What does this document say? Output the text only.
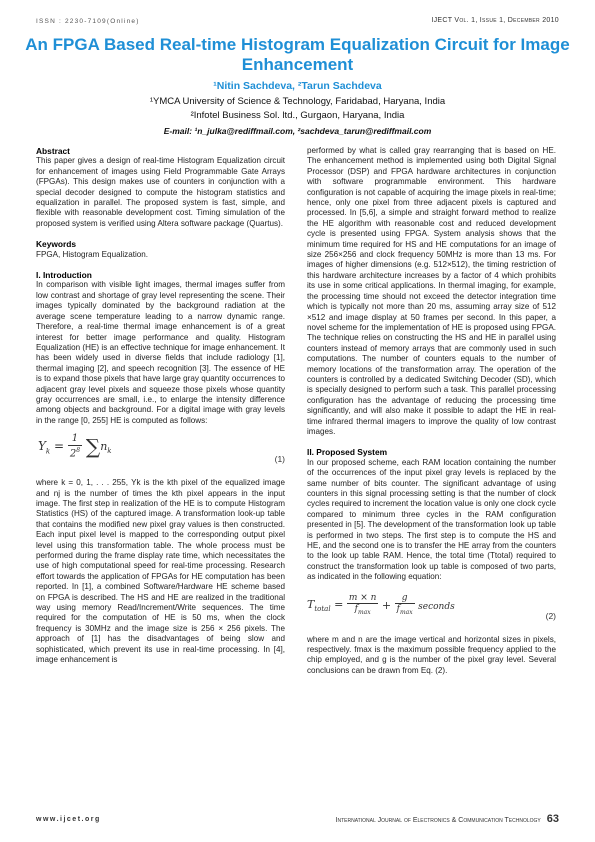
ISSN : 2230-7109(Online)	IJECT Vol. 1, Issue 1, December 2010
An FPGA Based Real-time Histogram Equalization Circuit for Image Enhancement
¹Nitin Sachdeva, ²Tarun Sachdeva
¹YMCA University of Science & Technology, Faridabad, Haryana, India
²Infotel Business Sol. ltd., Gurgaon, Haryana, India
E-mail: ¹n_julka@rediffmail.com, ²sachdeva_tarun@rediffmail.com

Abstract

This paper gives a design of real-time Histogram Equalization circuit for enhancement of images using Field Programmable Gate Arrays (FPGAs). This design makes use of counters in conjunction with a special decoder designed to compute the histogram statistics and equalization in parallel. The proposed system is fast, simple, and flexible with reasonable development cost. Timing simulation of the proposed system is verified using Altera software package (Quartus).

Keywords

FPGA, Histogram Equalization.

I. Introduction

In comparison with visible light images, thermal images suffer from low contrast and shortage of gray level representing the scene. Their images typically dominated by the background radiation at the average scene temperature leading to a narrow dynamic range. Therefore, a real-time thermal image enhancement is of a great interest for better image performance and quality. Histogram Equalization (HE) is an effective technique for image enhancement. It has been widely used in diverse fields that include radiology [1], thermal imaging [2], and speech recognition [3]. The essence of HE is to expand those pixels that have large gray quantity occurrences to adjacent gray level pixels and squeeze those pixels whose quantity gray occurrences are small, i.e., to enlarge the intensity difference among objects and background. For a digital image with gray levels in the range [0, 255] HE is computed as follows:

$Y_k = \frac{1}{2^8} \sum n_k$
(1)

where k = 0, 1, . . . 255, Yk is the kth pixel of the equalized image and nj is the number of times the kth pixel appears in the input image. The first step in realization of the HE is to compute Histogram Statistics (HS) of the captured image. A transformation look-up table that contains the modified new pixel gray values is then constructed. Each input pixel level is mapped to the corresponding output pixel level using this transformation table. The whole process must be performed during the frame display rate time, which necessitates the use of high computational speed for real-time processing. Research effort towards the application of FPGAs for HE computation has been reported. In [1], a combined Software/Hardware HE scheme based on FPGA is described. The HS and HE are realized in the traditional way using memory Read/Increment/Write sequences. The time required for the computation of HE is 50 ms, when the clock frequency is 30MHz and the image size is 256 × 256 pixels. The approach of [1] has the disadvantages of being slow and sophisticated, which prevent its use in real-time processing. In [4], image enhancement is

performed by what is called gray rearranging that is based on HE. The enhancement method is implemented using both Digital Signal Processor (DSP) and FPGA hardware architectures in conjunction with software programmable environment. This hardware configuration is not capable of acquiring the image pixels in real-time; hence, only one pixel from three adjacent pixels is captured and processed. In [5,6], a simple and straight forward method to realize the HE algorithm with reasonable cost and reduced development cycle is presented using FPGA. System analysis shows that the minimum time required for HS and HE computations for an image of size 256×256 and clock frequency 50MHz is more than 13 ms. For images of higher dimensions (e.g. 512×512), the timing restriction of this hardware architecture increases by a factor of 4 which prohibits its use in some critical applications. In thermal imaging, for example, the processing time should not exceed the detector integration time which is typically not more than 20 ms, assuming array size of 512 ×512 and image display at 50 frames per second. In this paper, a novel scheme for the implementation of HE is proposed using FPGA. The technique relies on constructing the HS and HE in parallel using counters instead of memory arrays that are commonly used in such computations. The number of counters equals to the number of memory locations of the transformation array. The operation of the counters is controlled by a dedicated Switching Decoder (SD), which is specially designed to perform such a task. This parallel processing configuration has the advantage of reducing the processing time significantly, and will also make it possible to adapt the HE in real-time infrared thermal imagers to improve the quality of low contrast images.

II. Proposed System

In our proposed scheme, each RAM location containing the number of the occurrences of the input pixel gray levels is replaced by the same number of bits counter. The significant advantage of using counters in this signal processing setting is that the number of clock cycles required to increment the location value is only one clock cycle compared to minimum three cycles in the RAM configuration presented in [5]. The development of the transformation look up table is performed in two steps. The first step is to compute the HS and HE, and the second one is to transfer the HE array from the counters to the look up table RAM. Hence, the total time (Ttotal) required to construct the transformation look up table is composed of two parts, as indicated in the following equation:

$T_{total} = \frac{m \times n}{f_{max}} + \frac{g}{f_{max}}$ seconds
(2)

where m and n are the image vertical and horizontal sizes in pixels, respectively. fmax is the maximum possible frequency applied to the chip employed, and g is the number of the pixel gray level. Several conclusions can be drawn from Eq. (2).

www.ijcet.org	International Journal of Electronics & Communication Technology 63
